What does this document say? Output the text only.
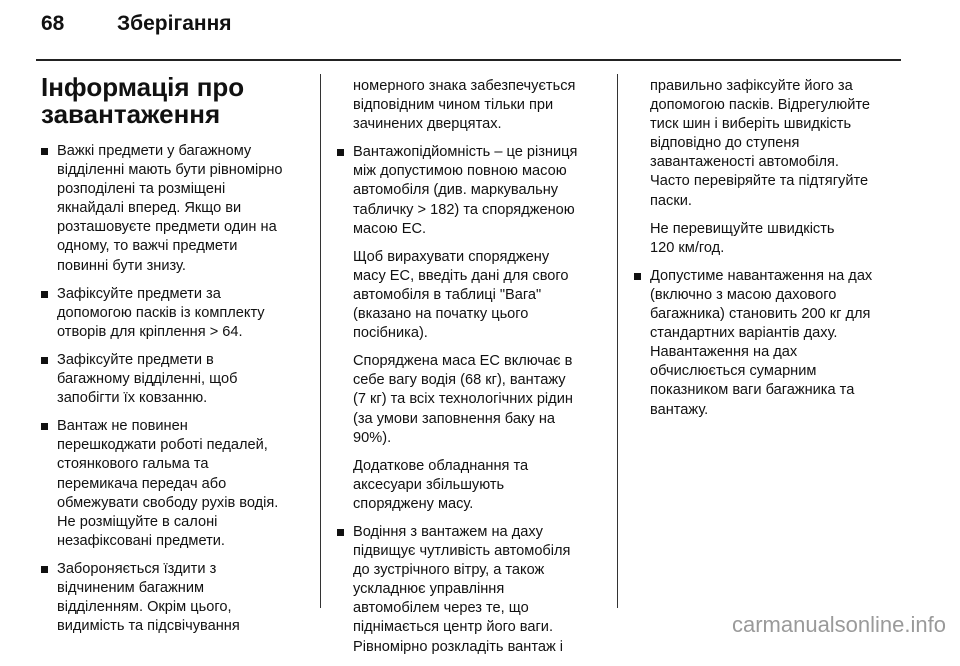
68	Зберігання
Інформація про
завантаження
Важкі предмети у багажному
відділенні мають бути рівномірно
розподілені та розміщені
якнайдалі вперед. Якщо ви
розташовуєте предмети один на
одному, то важчі предмети
повинні бути знизу.
Зафіксуйте предмети за
допомогою пасків із комплекту
отворів для кріплення > 64.
Зафіксуйте предмети в
багажному відділенні, щоб
запобігти їх ковзанню.
Вантаж не повинен
перешкоджати роботі педалей,
стоянкового гальма та
перемикача передач або
обмежувати свободу рухів водія.
Не розміщуйте в салоні
незафіксовані предмети.
Забороняється їздити з
відчиненим багажним
відділенням. Окрім цього,
видимість та підсвічування
номерного знака забезпечується
відповідним чином тільки при
зачинених дверцятах.
Вантажопідйомність – це різниця
між допустимою повною масою
автомобіля (див. маркувальну
табличку > 182) та спорядженою
масою ЕС.
Щоб вирахувати споряджену
масу ЕС, введіть дані для свого
автомобіля в таблиці "Вага"
(вказано на початку цього
посібника).
Споряджена маса ЕС включає в
себе вагу водія (68 кг), вантажу
(7 кг) та всіх технологічних рідин
(за умови заповнення баку на
90%).
Додаткове обладнання та
аксесуари збільшують
споряджену масу.
Водіння з вантажем на даху
підвищує чутливість автомобіля
до зустрічного вітру, а також
ускладнює управління
автомобілем через те, що
піднімається центр його ваги.
Рівномірно розкладіть вантаж і
правильно зафіксуйте його за
допомогою пасків. Відрегулюйте
тиск шин і виберіть швидкість
відповідно до ступеня
завантаженості автомобіля.
Часто перевіряйте та підтягуйте
паски.
Не перевищуйте швидкість
120 км/год.
Допустиме навантаження на дах
(включно з масою дахового
багажника) становить 200 кг для
стандартних варіантів даху.
Навантаження на дах
обчислюється сумарним
показником ваги багажника та
вантажу.
carmanualsonline.info
